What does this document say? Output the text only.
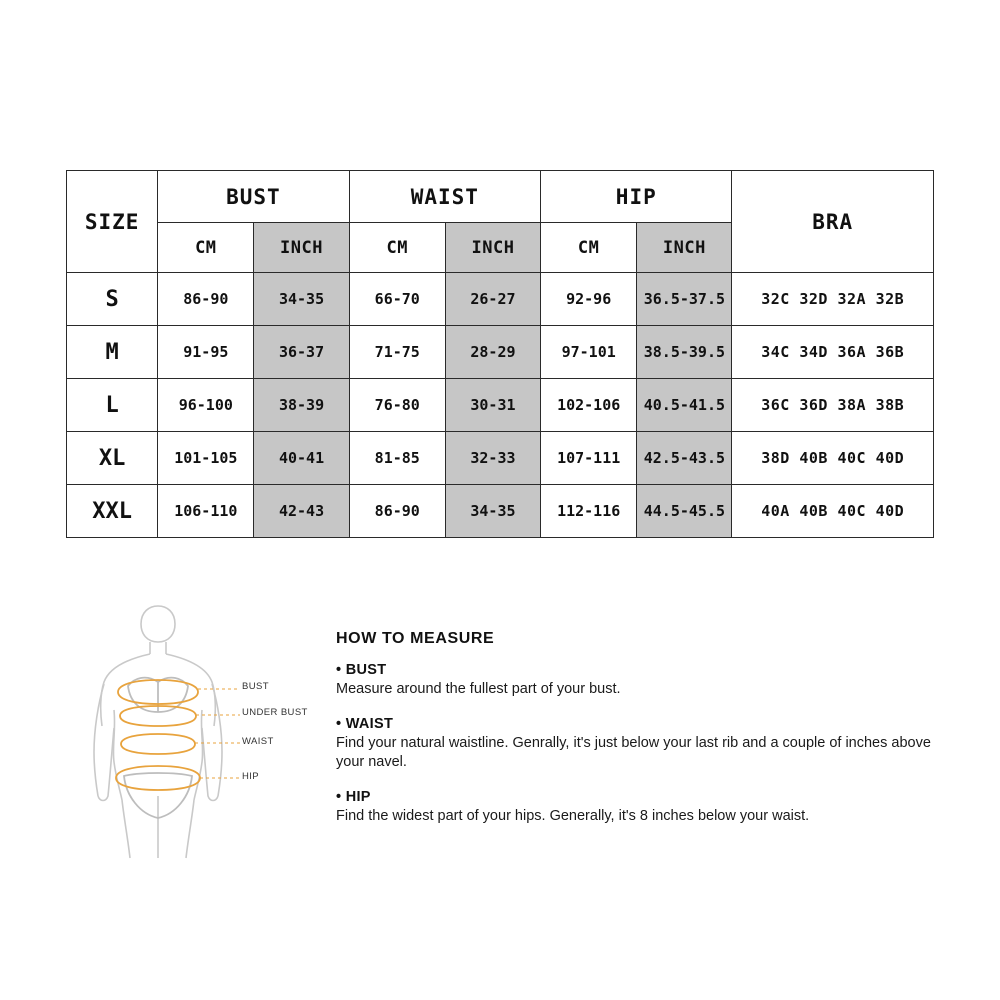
SIZE	BUST		WAIST		HIP		BRA
	CM	INCH	CM	INCH	CM	INCH	
S	86-90	34-35	66-70	26-27	92-96	36.5-37.5	32C 32D 32A 32B
M	91-95	36-37	71-75	28-29	97-101	38.5-39.5	34C 34D 36A 36B
L	96-100	38-39	76-80	30-31	102-106	40.5-41.5	36C 36D 38A 38B
XL	101-105	40-41	81-85	32-33	107-111	42.5-43.5	38D 40B 40C 40D
XXL	106-110	42-43	86-90	34-35	112-116	44.5-45.5	40A 40B 40C 40D
BUST
UNDER BUST
WAIST
HIP
HOW TO MEASURE
• BUST

Measure around the fullest part of your bust.

• WAIST

Find your natural waistline. Genrally, it's just below your last rib and a couple of inches above your navel.

• HIP

Find the widest part of your hips. Generally, it's 8 inches below your waist.
